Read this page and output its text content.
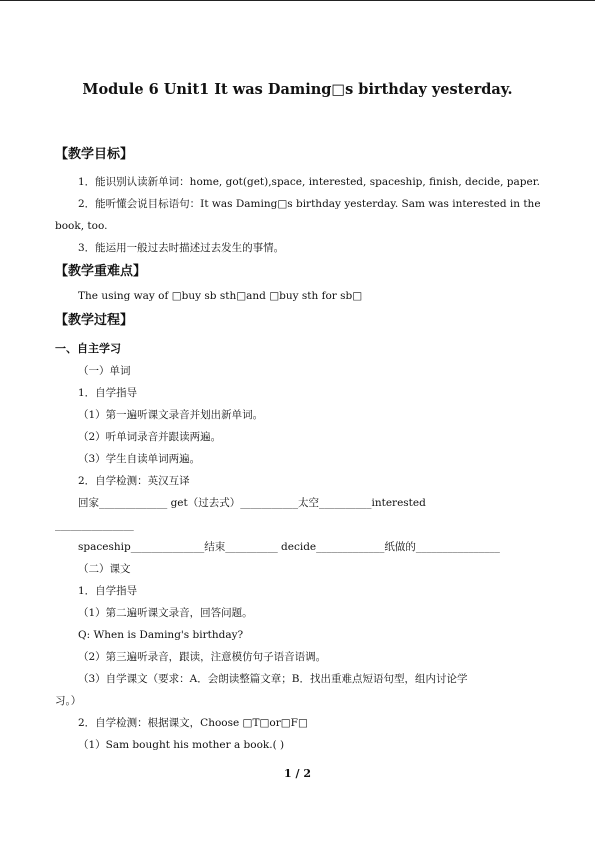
Module 6 Unit1 It was Daming□s birthday yesterday.
【教学目标】
1．能识别认读新单词：home, got(get),space, interested, spaceship, finish, decide, paper.
2．能听懂会说目标语句：It was Daming□s birthday yesterday. Sam was interested in the
book, too.
3．能运用一般过去时描述过去发生的事情。
【教学重难点】
The using way of □buy sb sth□and □buy sth for sb□
【教学过程】
一、自主学习
（一）单词
1．自学指导
（1）第一遍听课文录音并划出新单词。
（2）听单词录音并跟读两遍。
（3）学生自读单词两遍。
2．自学检测：英汉互译
回家_____________ get（过去式）___________太空__________interested
_______________
spaceship______________结束__________ decide_____________纸做的________________
（二）课文
1．自学指导
（1）第二遍听课文录音，回答问题。
Q: When is Daming's birthday?
（2）第三遍听录音，跟读，注意模仿句子语音语调。
（3）自学课文（要求：A．会朗读整篇文章；B．找出重难点短语句型，组内讨论学
习。）
2．自学检测：根据课文，Choose □T□or□F□
（1）Sam bought his mother a book.( )
1 / 2
